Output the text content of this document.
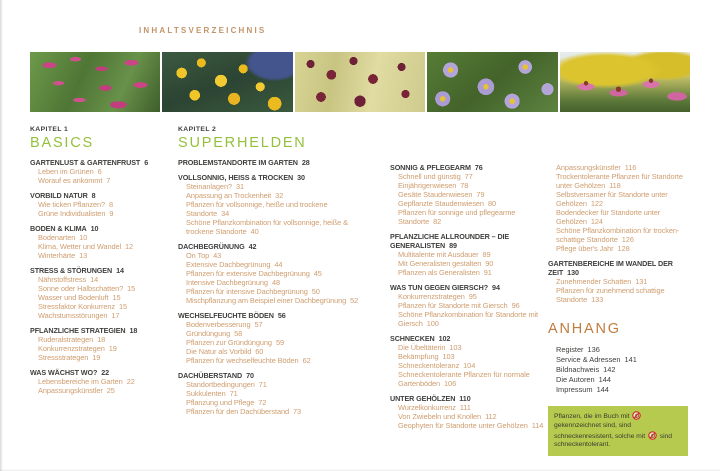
INHALTSVERZEICHNIS
KAPITEL 1
BASICS
GARTENLUST & GARTENFRUST 6
Leben im Grünen 6
Worauf es ankommt 7
VORBILD NATUR 8
Wie ticken Pflanzen? 8
Grüne Individualisten 9
BODEN & KLIMA 10
Bodenarten 10
Klima, Wetter und Wandel 12
Winterhärte 13
STRESS & STÖRUNGEN 14
Nährstoffstress 14
Sonne oder Halbschatten? 15
Wasser und Bodenluft 15
Stressfaktor Konkurrenz 15
Wachstumsstörungen 17
PFLANZLICHE STRATEGIEN 18
Ruderalstrategen 18
Konkurrenzstrategen 19
Stressstrategen 19
WAS WÄCHST WO? 22
Lebensbereiche im Garten 22
Anpassungskünstler 25
KAPITEL 2
SUPERHELDEN
PROBLEMSTANDORTE IM GARTEN 28
VOLLSONNIG, HEISS & TROCKEN 30
Steinanlagen? 31
Anpassung an Trockenheit 32
Pflanzen für vollsonnige, heiße und trockene Standorte 34
Schöne Pflanzkombination für vollsonnige, heiße & trockene Standorte 40
DACHBEGRÜNUNG 42
On Top 43
Extensive Dachbegrünung 44
Pflanzen für extensive Dachbegrünung 45
Intensive Dachbegrünung 48
Pflanzen für intensive Dachbegrünung 50
Mischpflanzung am Beispiel einer Dachbegrünung 52
WECHSELFEUCHTE BÖDEN 56
Bodenverbesserung 57
Gründüngung 58
Pflanzen zur Gründüngung 59
Die Natur als Vorbild 60
Pflanzen für wechselfeuchte Böden 62
DACHÜBERSTAND 70
Standortbedingungen 71
Sukkulenten 71
Pflanzung und Pflege 72
Pflanzen für den Dachüberstand 73
SONNIG & PFLEGEARM 76
Schnell und günstig 77
Einjährigenwiesen 78
Gesäte Staudenwiesen 79
Gepflanzte Staudenwiesen 80
Pflanzen für sonnige und pflegearme Standorte 82
PFLANZLICHE ALLROUNDER – DIE GENERALISTEN 89
Multitalente mit Ausdauer 89
Mit Generalisten gestalten 90
Pflanzen als Generalisten 91
WAS TUN GEGEN GIERSCH? 94
Konkurrenzstrategen 95
Pflanzen für Standorte mit Giersch 96
Schöne Pflanzkombination für Standorte mit Giersch 100
SCHNECKEN 102
Die Übeltäterin 103
Bekämpfung 103
Schneckentoleranz 104
Schneckentolerante Pflanzen für normale Gartenböden 106
UNTER GEHÖLZEN 110
Wurzelkonkurrenz 111
Von Zwiebeln und Knollen 112
Geophyten für Standorte unter Gehölzen 114
Anpassungskünstler 116
Trockentolerante Pflanzen für Standorte unter Gehölzen 118
Selbstversamer für Standorte unter Gehölzen 122
Bodendecker für Standorte unter Gehölzen 124
Schöne Pflanzkombination für trocken-schattige Standorte 126
Pflege über's Jahr 128
GARTENBEREICHE IM WANDEL DER ZEIT 130
Zunehmender Schatten 131
Pflanzen für zunehmend schattige Standorte 133
ANHANG
Register 136
Service & Adressen 141
Bildnachweis 142
Die Autoren 144
Impressum 144
Pflanzen, die im Buch mit
gekennzeichnet sind, sind schneckenresistent, solche mit
sind schneckentolerant.
